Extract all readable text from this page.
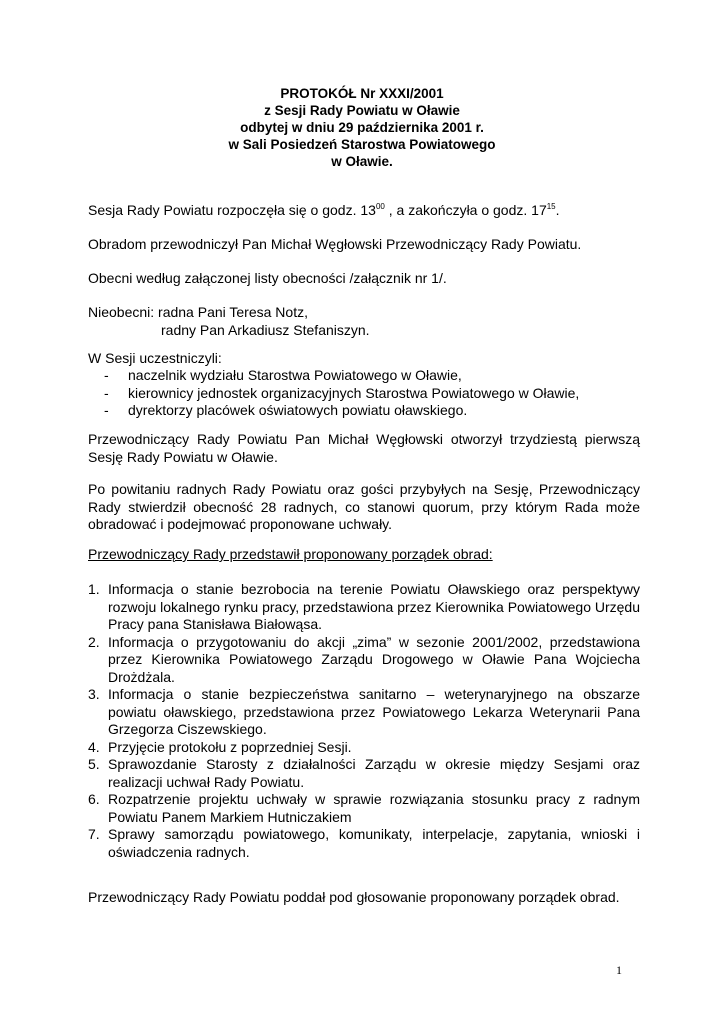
PROTOKÓŁ Nr XXXI/2001
z Sesji Rady Powiatu w Oławie
odbytej w dniu 29 października 2001 r.
w Sali Posiedzeń Starostwa Powiatowego
w Oławie.
Sesja Rady Powiatu rozpoczęła się o godz. $13^{00}$ , a zakończyła o godz. $17^{15}$.
Obradom przewodniczył Pan Michał Węgłowski Przewodniczący Rady Powiatu.
Obecni według załączonej listy obecności /załącznik nr 1/.
Nieobecni: radna Pani Teresa Notz,
radny Pan Arkadiusz Stefaniszyn.
W Sesji uczestniczyli:
-	naczelnik wydziału Starostwa Powiatowego w Oławie,
-	kierownicy jednostek organizacyjnych Starostwa Powiatowego w Oławie,
-	dyrektorzy placówek oświatowych powiatu oławskiego.
Przewodniczący Rady Powiatu Pan Michał Węgłowski otworzył trzydziestą pierwszą Sesję Rady Powiatu w Oławie.
Po powitaniu radnych Rady Powiatu oraz gości przybyłych na Sesję, Przewodniczący Rady stwierdził obecność 28 radnych, co stanowi quorum, przy którym Rada może obradować i podejmować proponowane uchwały.
Przewodniczący Rady przedstawił proponowany porządek obrad:
1. Informacja o stanie bezrobocia na terenie Powiatu Oławskiego oraz perspektywy rozwoju lokalnego rynku pracy, przedstawiona przez Kierownika Powiatowego Urzędu Pracy pana Stanisława Białowąsa.
2. Informacja o przygotowaniu do akcji „zima” w sezonie 2001/2002, przedstawiona przez Kierownika Powiatowego Zarządu Drogowego w Oławie Pana Wojciecha Drożdżala.
3. Informacja o stanie bezpieczeństwa sanitarno – weterynaryjnego na obszarze powiatu oławskiego, przedstawiona przez Powiatowego Lekarza Weterynarii Pana Grzegorza Ciszewskiego.
4. Przyjęcie protokołu z poprzedniej Sesji.
5. Sprawozdanie Starosty z działalności Zarządu w okresie między Sesjami oraz realizacji uchwał Rady Powiatu.
6. Rozpatrzenie projektu uchwały w sprawie rozwiązania stosunku pracy z radnym Powiatu Panem Markiem Hutniczakiem
7. Sprawy samorządu powiatowego, komunikaty, interpelacje, zapytania, wnioski i oświadczenia radnych.
Przewodniczący Rady Powiatu poddał pod głosowanie proponowany porządek obrad.
1
